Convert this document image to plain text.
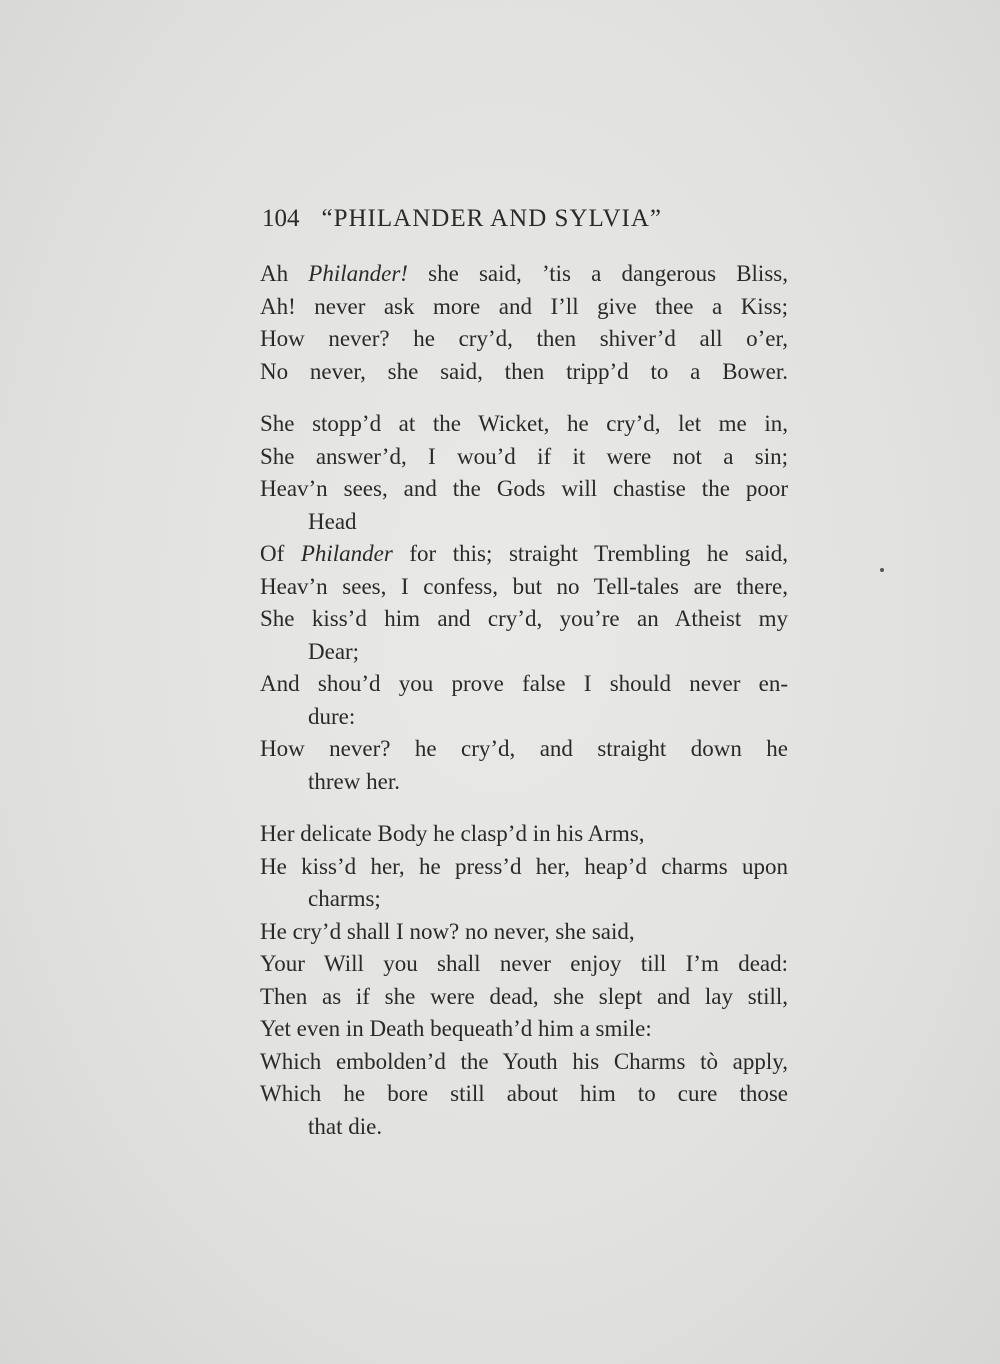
104 “PHILANDER AND SYLVIA”
Ah Philander! she said, ’tis a dangerous Bliss,
Ah! never ask more and I’ll give thee a Kiss;
How never? he cry’d, then shiver’d all o’er,
No never, she said, then tripp’d to a Bower.
She stopp’d at the Wicket, he cry’d, let me in,
She answer’d, I wou’d if it were not a sin;
Heav’n sees, and the Gods will chastise the poor
Head
Of Philander for this; straight Trembling he said,
Heav’n sees, I confess, but no Tell-tales are there,
She kiss’d him and cry’d, you’re an Atheist my
Dear;
And shou’d you prove false I should never en-
dure:
How never? he cry’d, and straight down he
threw her.
Her delicate Body he clasp’d in his Arms,
He kiss’d her, he press’d her, heap’d charms upon
charms;
He cry’d shall I now? no never, she said,
Your Will you shall never enjoy till I’m dead:
Then as if she were dead, she slept and lay still,
Yet even in Death bequeath’d him a smile:
Which embolden’d the Youth his Charms tò apply,
Which he bore still about him to cure those
that die.
